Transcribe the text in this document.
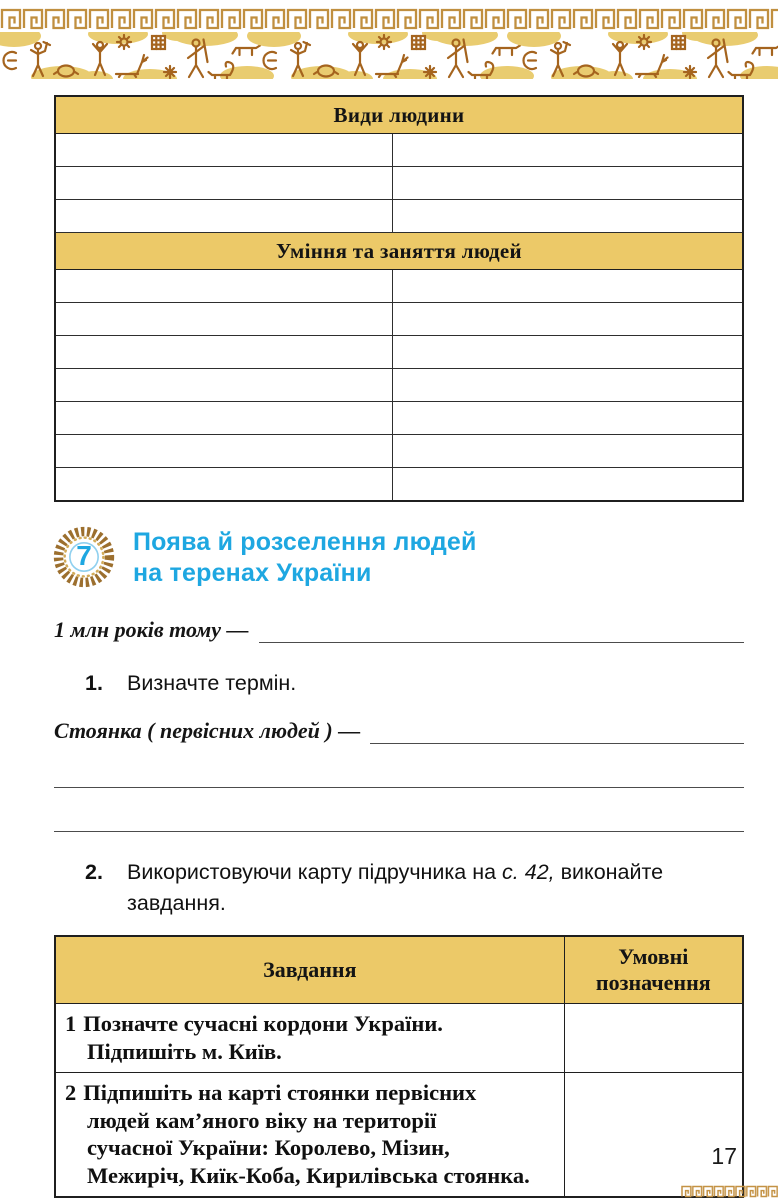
Види людини	

Уміння та заняття людей	

7	Поява й розселення людей
на теренах України
1 млн років тому —
1.	Визначте термін.
Стоянка ( первісних людей ) —
2.	Використовуючи карту підручника на с. 42, виконайте завдання.
Завдання	Умовні позначення

1 Позначте сучасні кордони України.
Підпишіть м. Київ.	

2 Підпишіть на карті стоянки первісних
людей кам’яного віку на території
сучасної України: Королево, Мізин,
Межиріч, Киїк-Коба, Кирилівська стоянка.	

17
